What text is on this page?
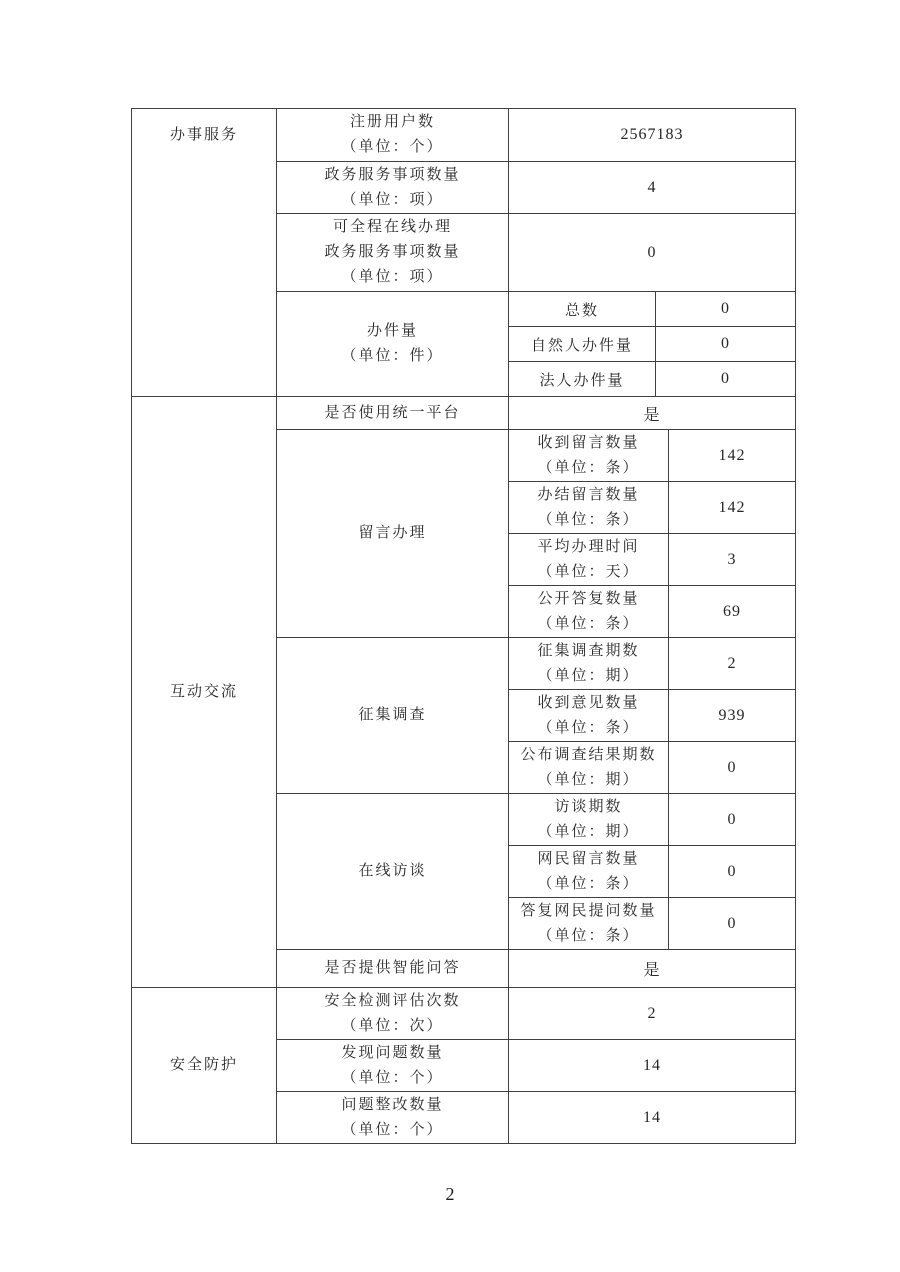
办事服务	注册用户数
（单位：个）	2567183		

	政务服务事项数量
（单位：项）	4		

	可全程在线办理
政务服务事项数量
（单位：项）	0		

	办件量
（单位：件）	总数	0	
		自然人办件量	0	
		法人办件量	0	

互动交流	是否使用统一平台	是		

	留言办理	收到留言数量
（单位：条）		142

		办结留言数量
（单位：条）		142

		平均办理时间
（单位：天）		3

		公开答复数量
（单位：条）		69

	征集调查	征集调查期数
（单位：期）		2

		收到意见数量
（单位：条）		939

		公布调查结果期数
（单位：期）		0

	在线访谈	访谈期数
（单位：期）		0

		网民留言数量
（单位：条）		0

		答复网民提问数量
（单位：条）		0

	是否提供智能问答	是		

安全防护	安全检测评估次数
（单位：次）	2		

	发现问题数量
（单位：个）	14		

	问题整改数量
（单位：个）	14		
2
